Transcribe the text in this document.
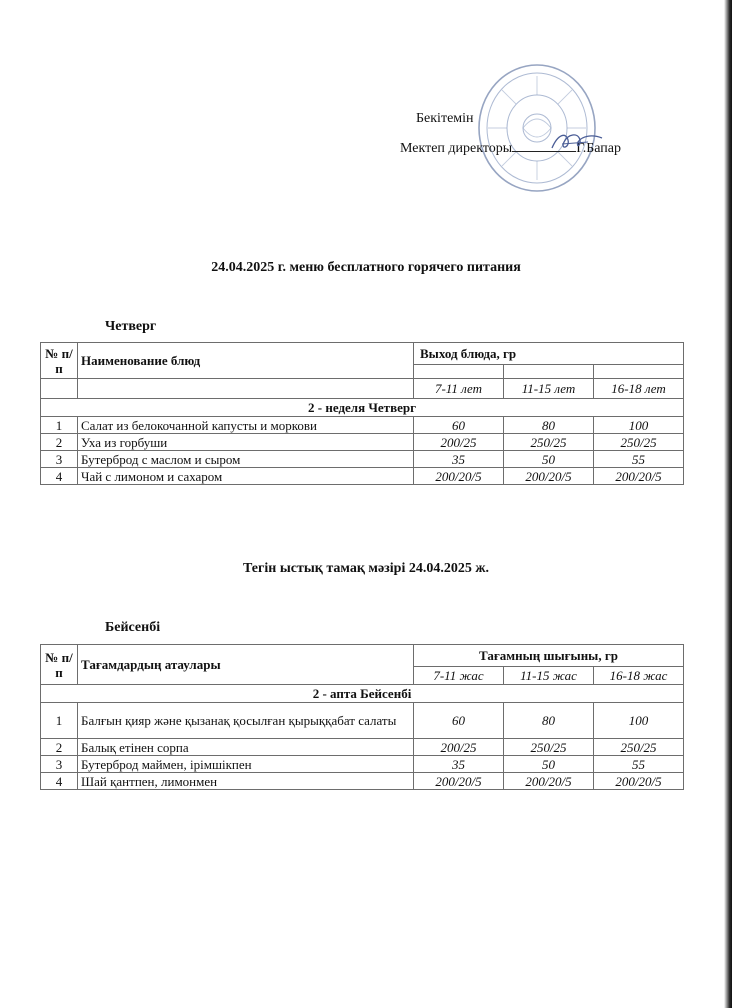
Бекітемін
Мектеп директоры	Г.Бапар
24.04.2025 г. меню бесплатного горячего питания
Четверг
№ п/п	Наименование блюд	Выход блюда, гр		

		7-11 лет	11-15 лет	16-18 лет
2 - неделя Четверг				
1	Салат из белокочанной капусты и моркови	60	80	100
2	Уха из горбуши	200/25	250/25	250/25
3	Бутерброд с маслом и сыром	35	50	55
4	Чай с лимоном и сахаром	200/20/5	200/20/5	200/20/5
Тегін ыстық тамақ мәзірі 24.04.2025 ж.
Бейсенбі
№ п/п	Тағамдардың атаулары	Тағамның шығыны, гр		
		7-11 жас	11-15 жас	16-18 жас
2 - апта Бейсенбі				
1	Балғын қияр және қызанақ қосылған қырыққабат салаты	60	80	100
2	Балық етінен сорпа	200/25	250/25	250/25
3	Бутерброд маймен, ірімшікпен	35	50	55
4	Шай қантпен, лимонмен	200/20/5	200/20/5	200/20/5
